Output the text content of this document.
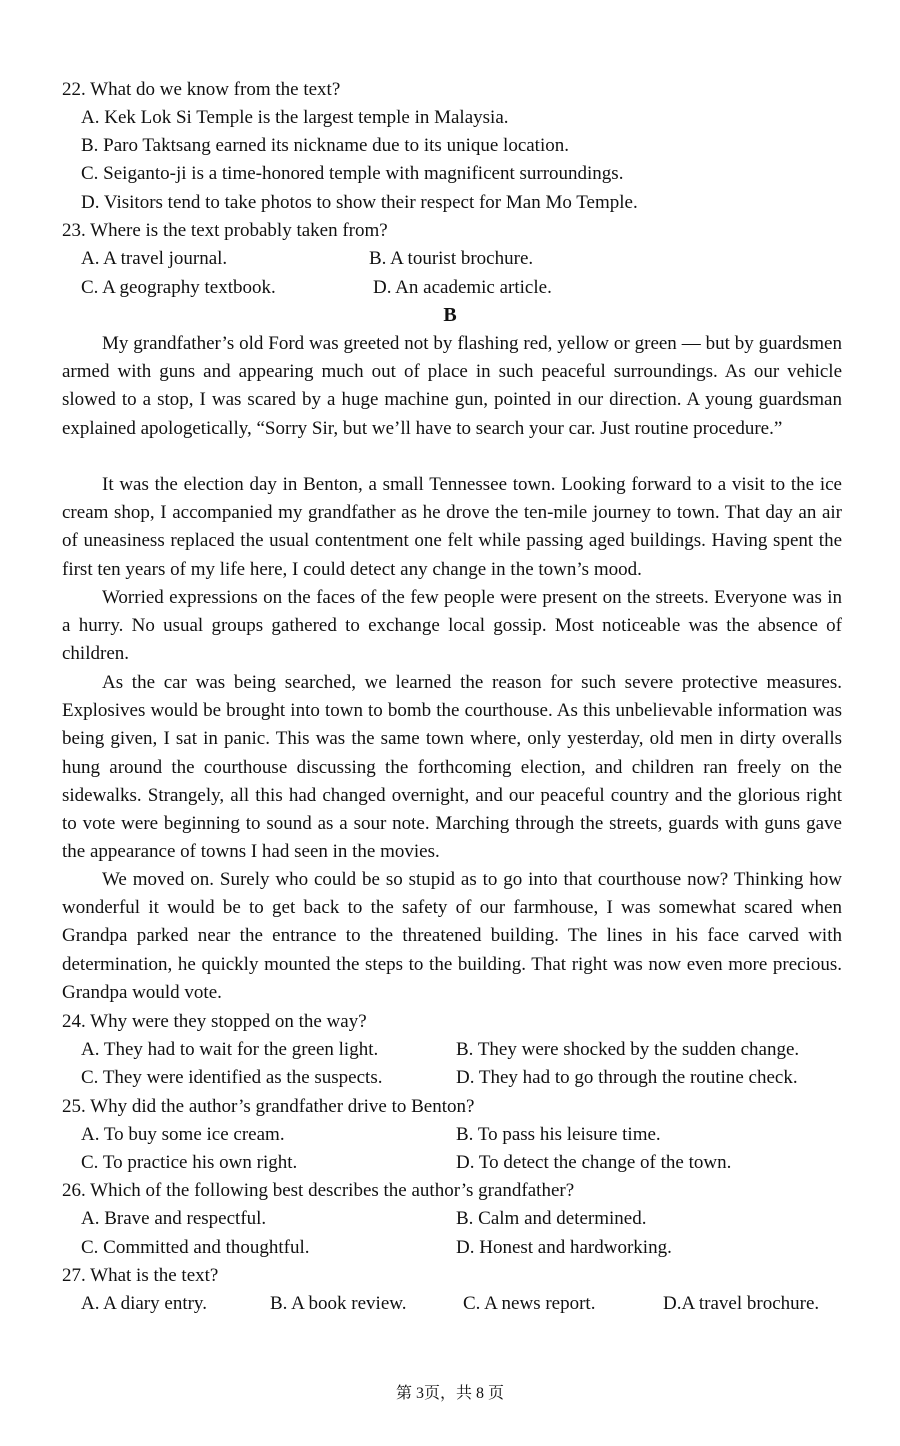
22. What do we know from the text?
A. Kek Lok Si Temple is the largest temple in Malaysia.
B. Paro Taktsang earned its nickname due to its unique location.
C. Seiganto-ji is a time-honored temple with magnificent surroundings.
D. Visitors tend to take photos to show their respect for Man Mo Temple.
23. Where is the text probably taken from?
A. A travel journal.	B. A tourist brochure.
C. A geography textbook.	D. An academic article.
B
My grandfather’s old Ford was greeted not by flashing red, yellow or green — but by guardsmen armed with guns and appearing much out of place in such peaceful surroundings. As our vehicle slowed to a stop, I was scared by a huge machine gun, pointed in our direction. A young guardsman explained apologetically, “Sorry Sir, but we’ll have to search your car. Just routine procedure.”
It was the election day in Benton, a small Tennessee town. Looking forward to a visit to the ice cream shop, I accompanied my grandfather as he drove the ten-mile journey to town. That day an air of uneasiness replaced the usual contentment one felt while passing aged buildings. Having spent the first ten years of my life here, I could detect any change in the town’s mood.
Worried expressions on the faces of the few people were present on the streets. Everyone was in a hurry. No usual groups gathered to exchange local gossip. Most noticeable was the absence of children.
As the car was being searched, we learned the reason for such severe protective measures. Explosives would be brought into town to bomb the courthouse. As this unbelievable information was being given, I sat in panic. This was the same town where, only yesterday, old men in dirty overalls hung around the courthouse discussing the forthcoming election, and children ran freely on the sidewalks. Strangely, all this had changed overnight, and our peaceful country and the glorious right to vote were beginning to sound as a sour note. Marching through the streets, guards with guns gave the appearance of towns I had seen in the movies.
We moved on. Surely who could be so stupid as to go into that courthouse now? Thinking how wonderful it would be to get back to the safety of our farmhouse, I was somewhat scared when Grandpa parked near the entrance to the threatened building. The lines in his face carved with determination, he quickly mounted the steps to the building. That right was now even more precious. Grandpa would vote.
24. Why were they stopped on the way?
A. They had to wait for the green light.	B. They were shocked by the sudden change.
C. They were identified as the suspects.	D. They had to go through the routine check.
25. Why did the author’s grandfather drive to Benton?
A. To buy some ice cream.	B. To pass his leisure time.
C. To practice his own right.	D. To detect the change of the town.
26. Which of the following best describes the author’s grandfather?
A. Brave and respectful.	B. Calm and determined.
C. Committed and thoughtful.	D. Honest and hardworking.
27. What is the text?
A. A diary entry.	B. A book review.	C. A news report.	D.A travel brochure.
第 3页，共 8 页
